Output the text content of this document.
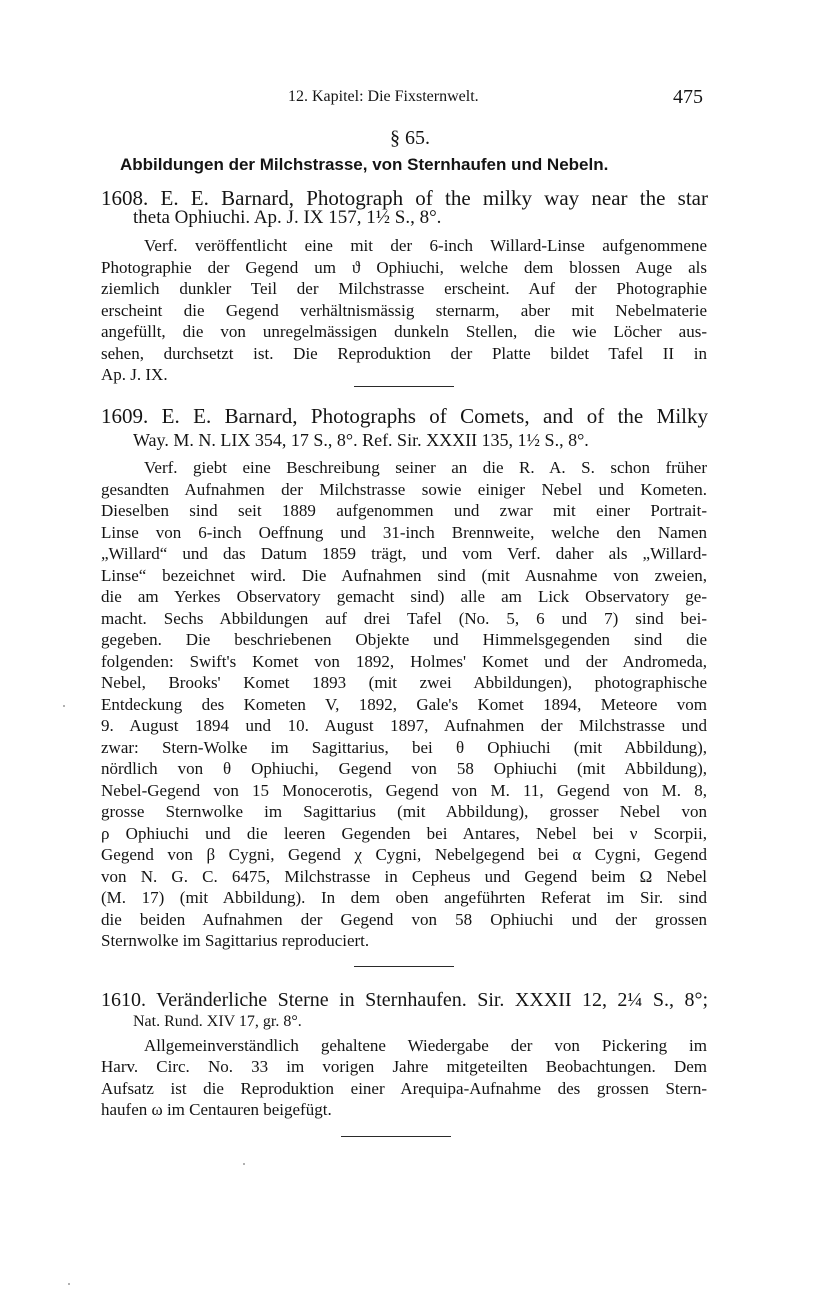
12. Kapitel: Die Fixsternwelt.	475
§ 65.
Abbildungen der Milchstrasse, von Sternhaufen und Nebeln.
1608. E. E. Barnard, Photograph of the milky way near the star
theta Ophiuchi. Ap. J. IX 157, 1½ S., 8°.
Verf. veröffentlicht eine mit der 6-inch Willard-Linse aufgenommene
Photographie der Gegend um ϑ Ophiuchi, welche dem blossen Auge als
ziemlich dunkler Teil der Milchstrasse erscheint. Auf der Photographie
erscheint die Gegend verhältnismässig sternarm, aber mit Nebelmaterie
angefüllt, die von unregelmässigen dunkeln Stellen, die wie Löcher aus-
sehen, durchsetzt ist. Die Reproduktion der Platte bildet Tafel II in
Ap. J. IX.
1609. E. E. Barnard, Photographs of Comets, and of the Milky
Way. M. N. LIX 354, 17 S., 8°. Ref. Sir. XXXII 135, 1½ S., 8°.
Verf. giebt eine Beschreibung seiner an die R. A. S. schon früher
gesandten Aufnahmen der Milchstrasse sowie einiger Nebel und Kometen.
Dieselben sind seit 1889 aufgenommen und zwar mit einer Portrait-
Linse von 6-inch Oeffnung und 31-inch Brennweite, welche den Namen
„Willard“ und das Datum 1859 trägt, und vom Verf. daher als „Willard-
Linse“ bezeichnet wird. Die Aufnahmen sind (mit Ausnahme von zweien,
die am Yerkes Observatory gemacht sind) alle am Lick Observatory ge-
macht. Sechs Abbildungen auf drei Tafel (No. 5, 6 und 7) sind bei-
gegeben. Die beschriebenen Objekte und Himmelsgegenden sind die
folgenden: Swift's Komet von 1892, Holmes' Komet und der Andromeda,
Nebel, Brooks' Komet 1893 (mit zwei Abbildungen), photographische
Entdeckung des Kometen V, 1892, Gale's Komet 1894, Meteore vom
9. August 1894 und 10. August 1897, Aufnahmen der Milchstrasse und
zwar: Stern-Wolke im Sagittarius, bei θ Ophiuchi (mit Abbildung),
nördlich von θ Ophiuchi, Gegend von 58 Ophiuchi (mit Abbildung),
Nebel-Gegend von 15 Monocerotis, Gegend von M. 11, Gegend von M. 8,
grosse Sternwolke im Sagittarius (mit Abbildung), grosser Nebel von
ρ Ophiuchi und die leeren Gegenden bei Antares, Nebel bei ν Scorpii,
Gegend von β Cygni, Gegend χ Cygni, Nebelgegend bei α Cygni, Gegend
von N. G. C. 6475, Milchstrasse in Cepheus und Gegend beim Ω Nebel
(M. 17) (mit Abbildung). In dem oben angeführten Referat im Sir. sind
die beiden Aufnahmen der Gegend von 58 Ophiuchi und der grossen
Sternwolke im Sagittarius reproduciert.
1610. Veränderliche Sterne in Sternhaufen. Sir. XXXII 12, 2¼ S., 8°;
Nat. Rund. XIV 17, gr. 8°.
Allgemeinverständlich gehaltene Wiedergabe der von Pickering im
Harv. Circ. No. 33 im vorigen Jahre mitgeteilten Beobachtungen. Dem
Aufsatz ist die Reproduktion einer Arequipa-Aufnahme des grossen Stern-
haufen ω im Centauren beigefügt.
